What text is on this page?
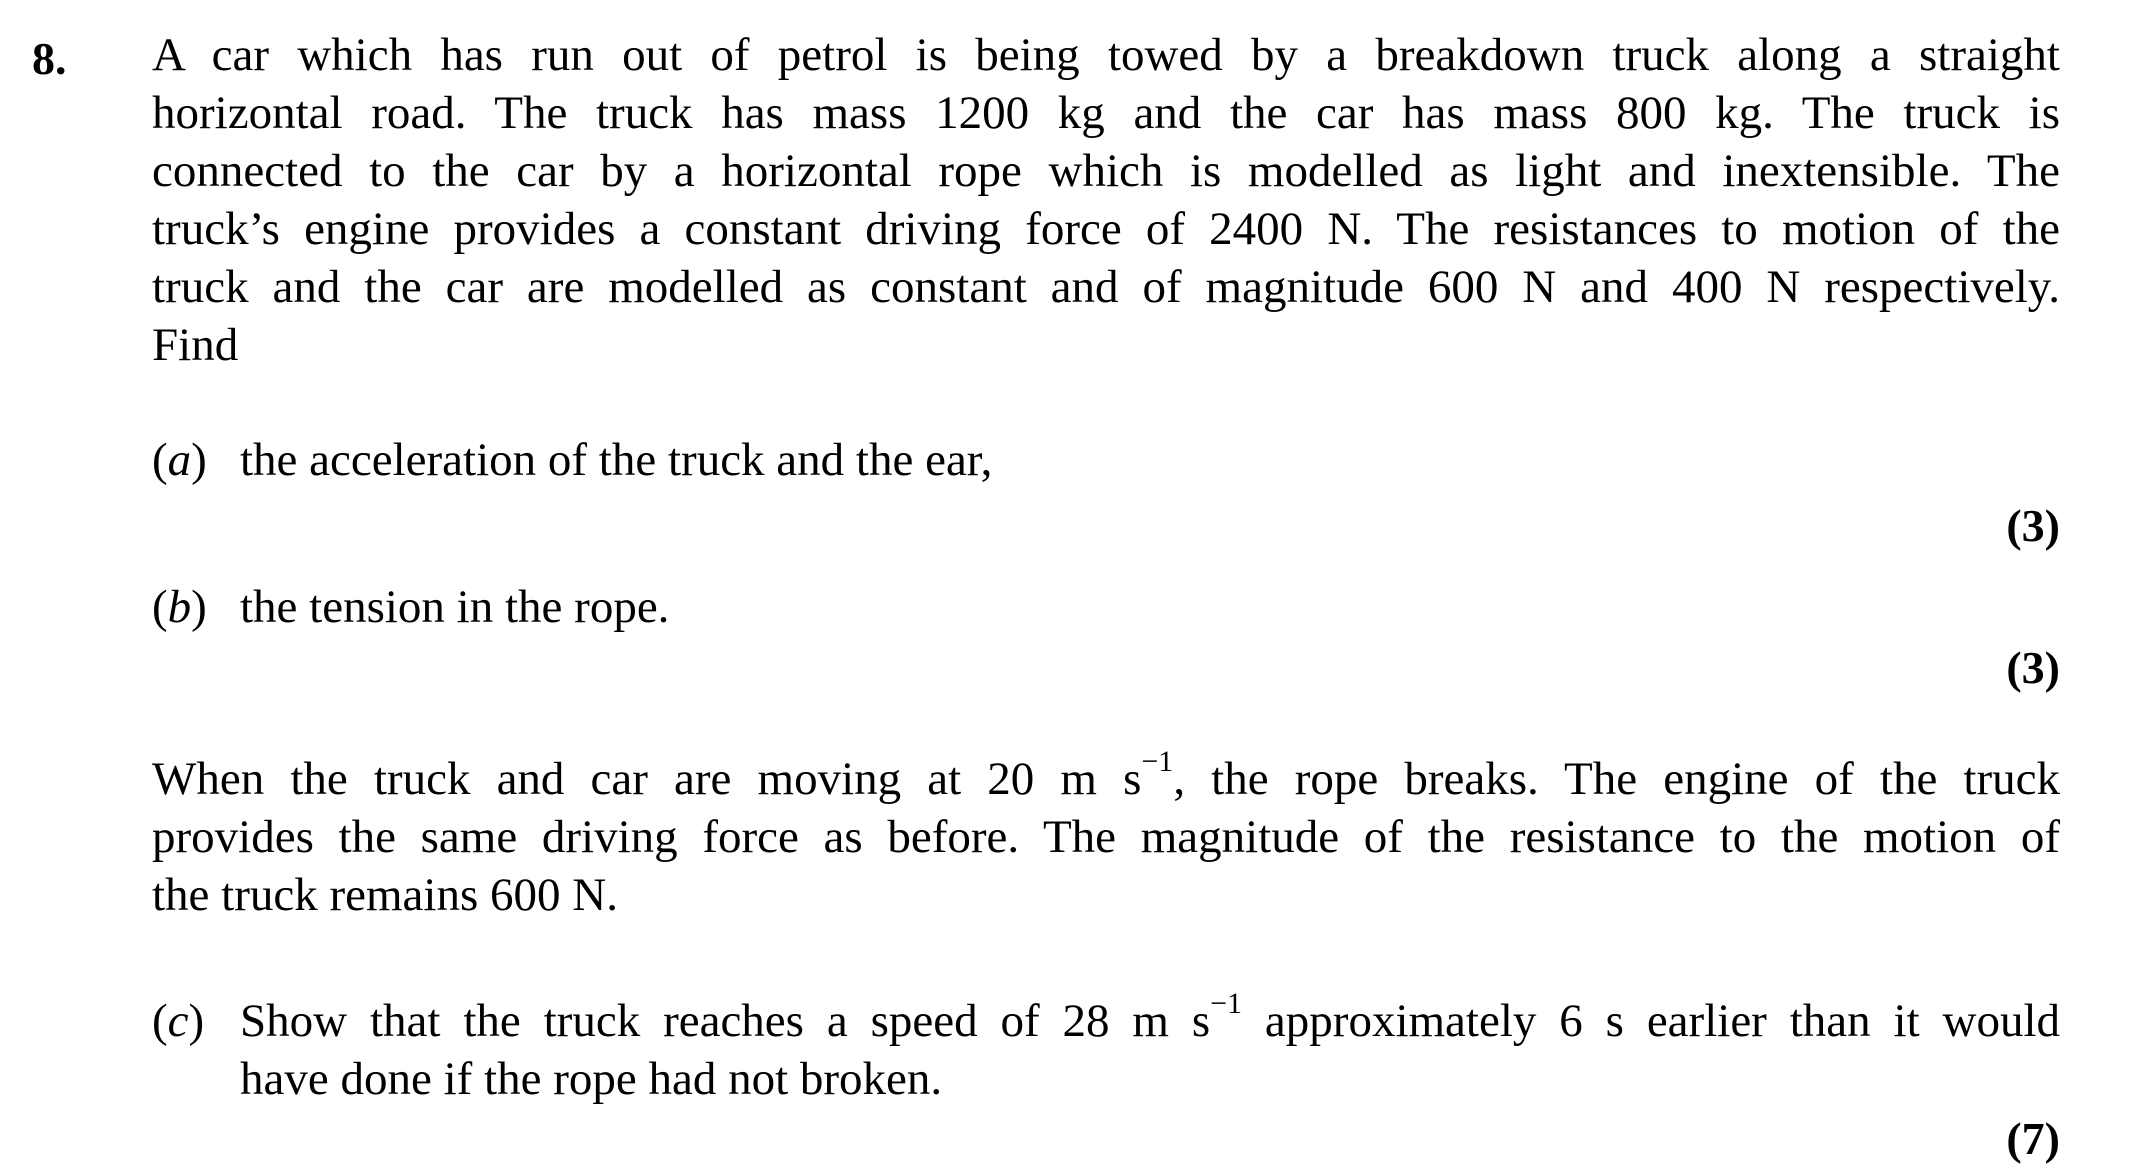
8. A car which has run out of petrol is being towed by a breakdown truck along a straight
horizontal road. The truck has mass 1200 kg and the car has mass 800 kg. The truck is
connected to the car by a horizontal rope which is modelled as light and inextensible. The
truck’s engine provides a constant driving force of 2400 N. The resistances to motion of the
truck and the car are modelled as constant and of magnitude 600 N and 400 N respectively.
Find
(a) the acceleration of the truck and the ear,
(3)
(b) the tension in the rope.
(3)
When the truck and car are moving at 20 m $s^{-1}$, the rope breaks. The engine of the truck
provides the same driving force as before. The magnitude of the resistance to the motion of
the truck remains 600 N.
(c) Show that the truck reaches a speed of 28 m $s^{-1}$ approximately 6 s earlier than it would
have done if the rope had not broken.
(7)
